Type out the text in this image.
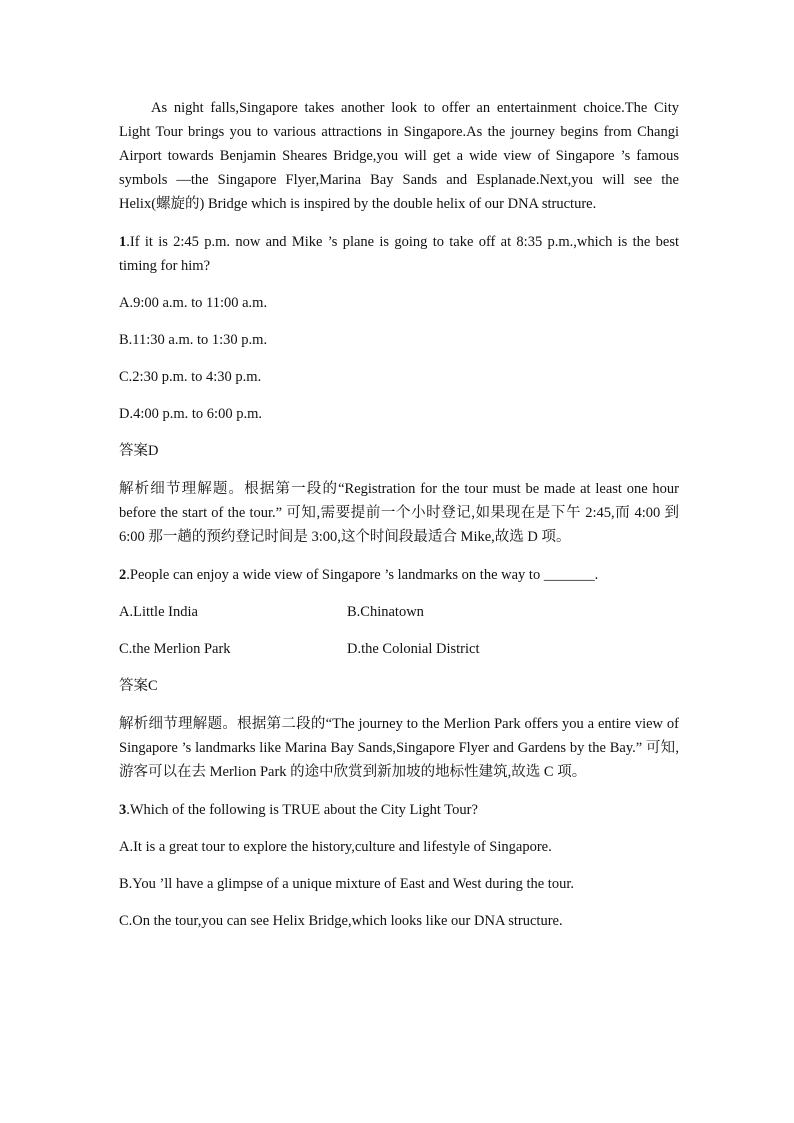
As night falls,Singapore takes another look to offer an entertainment choice.The City Light Tour brings you to various attractions in Singapore.As the journey begins from Changi Airport towards Benjamin Sheares Bridge,you will get a wide view of Singapore ’s famous symbols —the Singapore Flyer,Marina Bay Sands and Esplanade.Next,you will see the Helix(螺旋的) Bridge which is inspired by the double helix of our DNA structure.

1.If it is 2:45 p.m. now and Mike ’s plane is going to take off at 8:35 p.m.,which is the best timing for him?

A.9:00 a.m. to 11:00 a.m.

B.11:30 a.m. to 1:30 p.m.

C.2:30 p.m. to 4:30 p.m.

D.4:00 p.m. to 6:00 p.m.

答案D

解析细节理解题。根据第一段的“Registration for the tour must be made at least one hour before the start of the tour.” 可知,需要提前一个小时登记,如果现在是下午 2:45,而 4:00 到 6:00 那一趟的预约登记时间是 3:00,这个时间段最适合 Mike,故选 D 项。

2.People can enjoy a wide view of Singapore ’s landmarks on the way to _______.

A.Little India	B.Chinatown
C.the Merlion Park	D.the Colonial District

答案C

解析细节理解题。根据第二段的“The journey to the Merlion Park offers you a entire view of Singapore ’s landmarks like Marina Bay Sands,Singapore Flyer and Gardens by the Bay.” 可知,游客可以在去 Merlion Park 的途中欣赏到新加坡的地标性建筑,故选 C 项。

3.Which of the following is TRUE about the City Light Tour?

A.It is a great tour to explore the history,culture and lifestyle of Singapore.

B.You ’ll have a glimpse of a unique mixture of East and West during the tour.

C.On the tour,you can see Helix Bridge,which looks like our DNA structure.
